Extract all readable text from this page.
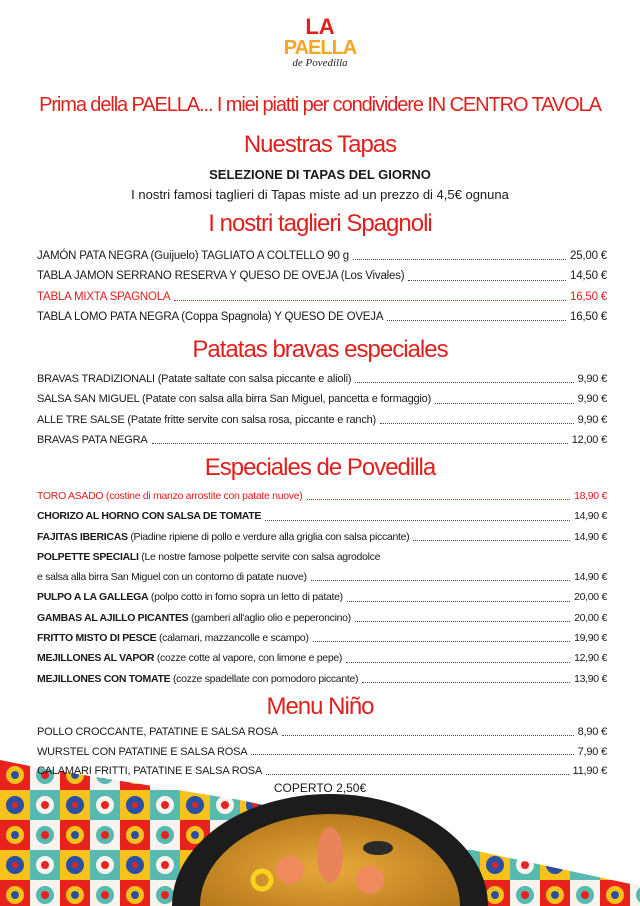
LA
PAELLA
de Povedilla
Prima della PAELLA... I miei piatti per condividere IN CENTRO TAVOLA
Nuestras Tapas
SELEZIONE DI TAPAS DEL GIORNO
I nostri famosi taglieri di Tapas miste ad un prezzo di 4,5€ ognuna
I nostri taglieri Spagnoli
JAMÓN PATA NEGRA (Guijuelo) TAGLIATO A COLTELLO 90 g	25,00 €
TABLA JAMON SERRANO RESERVA Y QUESO DE OVEJA (Los Vivales)	14,50 €
TABLA MIXTA SPAGNOLA	16,50 €
TABLA LOMO PATA NEGRA (Coppa Spagnola) Y QUESO DE OVEJA	16,50 €
Patatas bravas especiales
BRAVAS TRADIZIONALI (Patate saltate con salsa piccante e alioli)	9,90 €
SALSA SAN MIGUEL (Patate con salsa alla birra San Miguel, pancetta e formaggio)	9,90 €
ALLE TRE SALSE (Patate fritte servite con salsa rosa, piccante e ranch)	9,90 €
BRAVAS PATA NEGRA	12,00 €
Especiales de Povedilla
TORO ASADO (costine di manzo arrostite con patate nuove)	18,90 €
CHORIZO AL HORNO CON SALSA DE TOMATE	14,90 €
FAJITAS IBERICAS (Piadine ripiene di pollo e verdure alla griglia con salsa piccante)	14,90 €
POLPETTE SPECIALI (Le nostre famose polpette servite con salsa agrodolce
e salsa alla birra San Miguel con un contorno di patate nuove)	14,90 €
PULPO A LA GALLEGA (polpo cotto in forno sopra un letto di patate)	20,00 €
GAMBAS AL AJILLO PICANTES (gamberi all'aglio olio e peperoncino)	20,00 €
FRITTO MISTO DI PESCE (calamari, mazzancolle e scampo)	19,90 €
MEJILLONES AL VAPOR (cozze cotte al vapore, con limone e pepe)	12,90 €
MEJILLONES CON TOMATE (cozze spadellate con pomodoro piccante)	13,90 €
Menu Niño
POLLO CROCCANTE, PATATINE E SALSA ROSA	8,90 €
WURSTEL CON PATATINE E SALSA ROSA	7,90 €
CALAMARI FRITTI, PATATINE E SALSA ROSA	11,90 €
COPERTO 2,50€
